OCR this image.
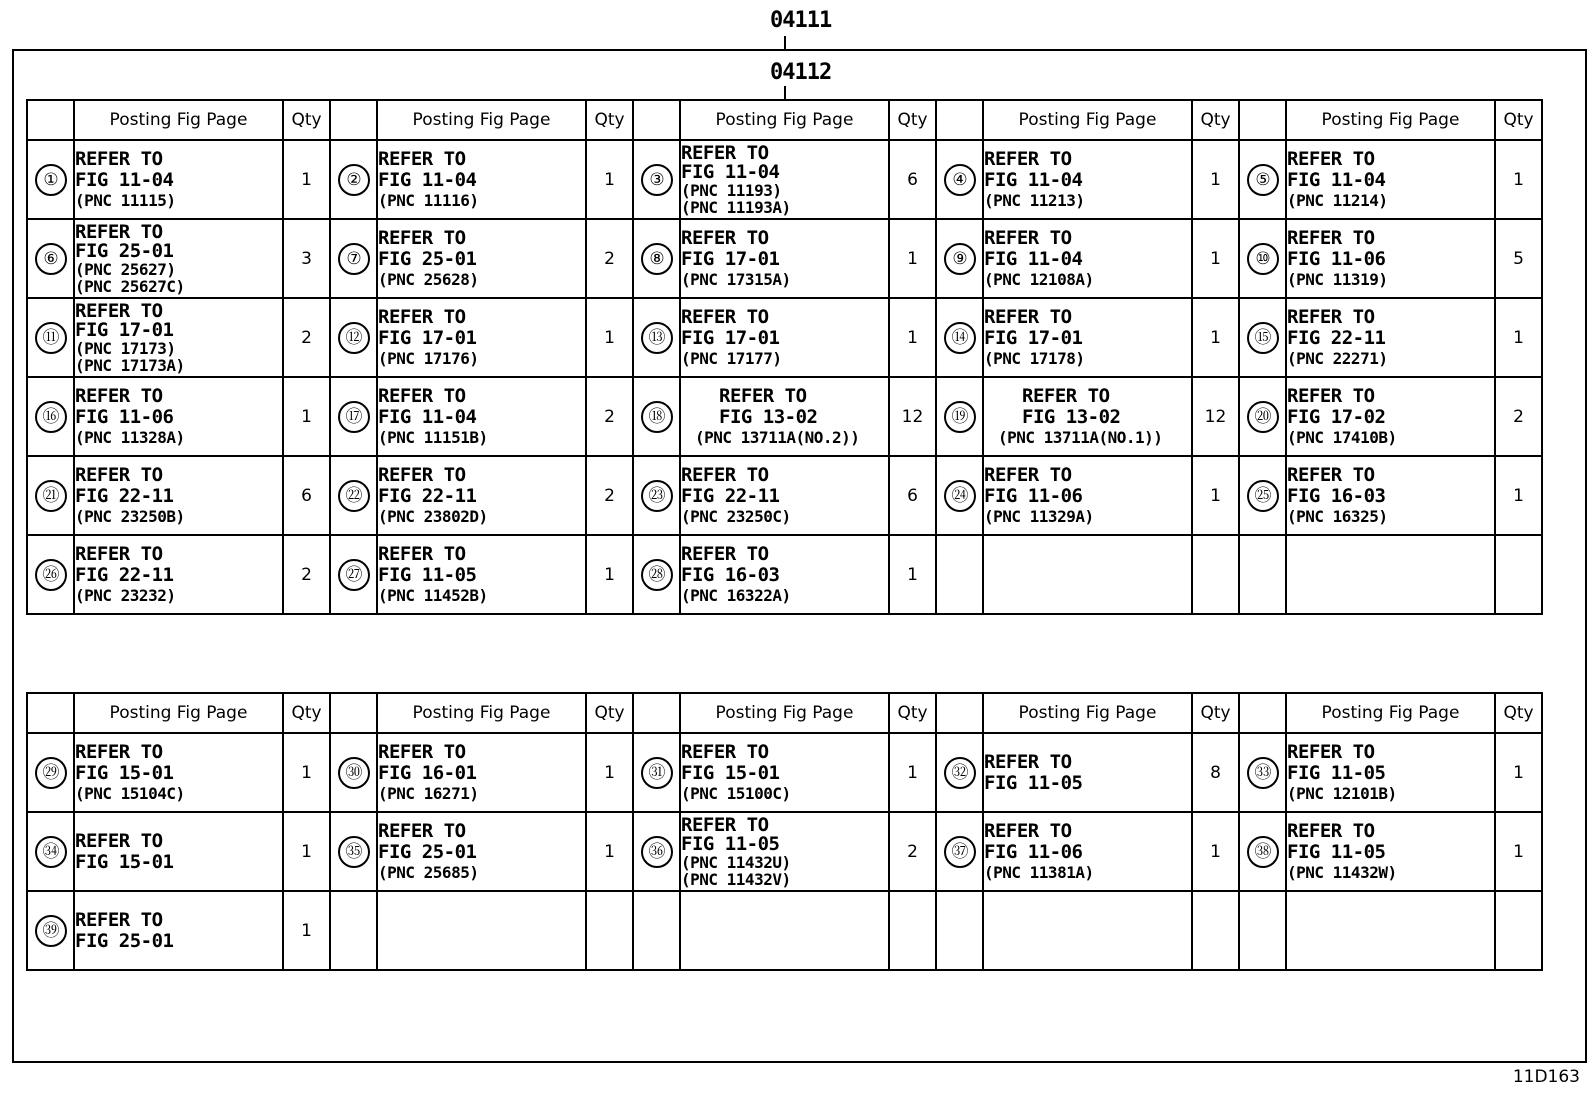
04111
04112
	Posting Fig Page	Qty		Posting Fig Page	Qty		Posting Fig Page	Qty		Posting Fig Page	Qty		Posting Fig Page	Qty
①	REFER TO
FIG 11-04
(PNC 11115)	1	②	REFER TO
FIG 11-04
(PNC 11116)	1	③	REFER TO
FIG 11-04
(PNC 11193)
(PNC 11193A)	6	④	REFER TO
FIG 11-04
(PNC 11213)	1	⑤	REFER TO
FIG 11-04
(PNC 11214)	1
⑥	REFER TO
FIG 25-01
(PNC 25627)
(PNC 25627C)	3	⑦	REFER TO
FIG 25-01
(PNC 25628)	2	⑧	REFER TO
FIG 17-01
(PNC 17315A)	1	⑨	REFER TO
FIG 11-04
(PNC 12108A)	1	⑩	REFER TO
FIG 11-06
(PNC 11319)	5
⑪	REFER TO
FIG 17-01
(PNC 17173)
(PNC 17173A)	2	⑫	REFER TO
FIG 17-01
(PNC 17176)	1	⑬	REFER TO
FIG 17-01
(PNC 17177)	1	⑭	REFER TO
FIG 17-01
(PNC 17178)	1	⑮	REFER TO
FIG 22-11
(PNC 22271)	1
⑯	REFER TO
FIG 11-06
(PNC 11328A)	1	⑰	REFER TO
FIG 11-04
(PNC 11151B)	2	⑱	REFER TO
FIG 13-02
(PNC 13711A(NO.2))	12	⑲	REFER TO
FIG 13-02
(PNC 13711A(NO.1))	12	⑳	REFER TO
FIG 17-02
(PNC 17410B)	2
㉑	REFER TO
FIG 22-11
(PNC 23250B)	6	㉒	REFER TO
FIG 22-11
(PNC 23802D)	2	㉓	REFER TO
FIG 22-11
(PNC 23250C)	6	㉔	REFER TO
FIG 11-06
(PNC 11329A)	1	㉕	REFER TO
FIG 16-03
(PNC 16325)	1
㉖	REFER TO
FIG 22-11
(PNC 23232)	2	㉗	REFER TO
FIG 11-05
(PNC 11452B)	1	㉘	REFER TO
FIG 16-03
(PNC 16322A)	1						
	Posting Fig Page	Qty		Posting Fig Page	Qty		Posting Fig Page	Qty		Posting Fig Page	Qty		Posting Fig Page	Qty
㉙	REFER TO
FIG 15-01
(PNC 15104C)	1	㉚	REFER TO
FIG 16-01
(PNC 16271)	1	㉛	REFER TO
FIG 15-01
(PNC 15100C)	1	㉜	REFER TO
FIG 11-05	8	㉝	REFER TO
FIG 11-05
(PNC 12101B)	1
㉞	REFER TO
FIG 15-01	1	㉟	REFER TO
FIG 25-01
(PNC 25685)	1	㊱	REFER TO
FIG 11-05
(PNC 11432U)
(PNC 11432V)	2	㊲	REFER TO
FIG 11-06
(PNC 11381A)	1	㊳	REFER TO
FIG 11-05
(PNC 11432W)	1
㊴	REFER TO
FIG 25-01	1												
11D163
